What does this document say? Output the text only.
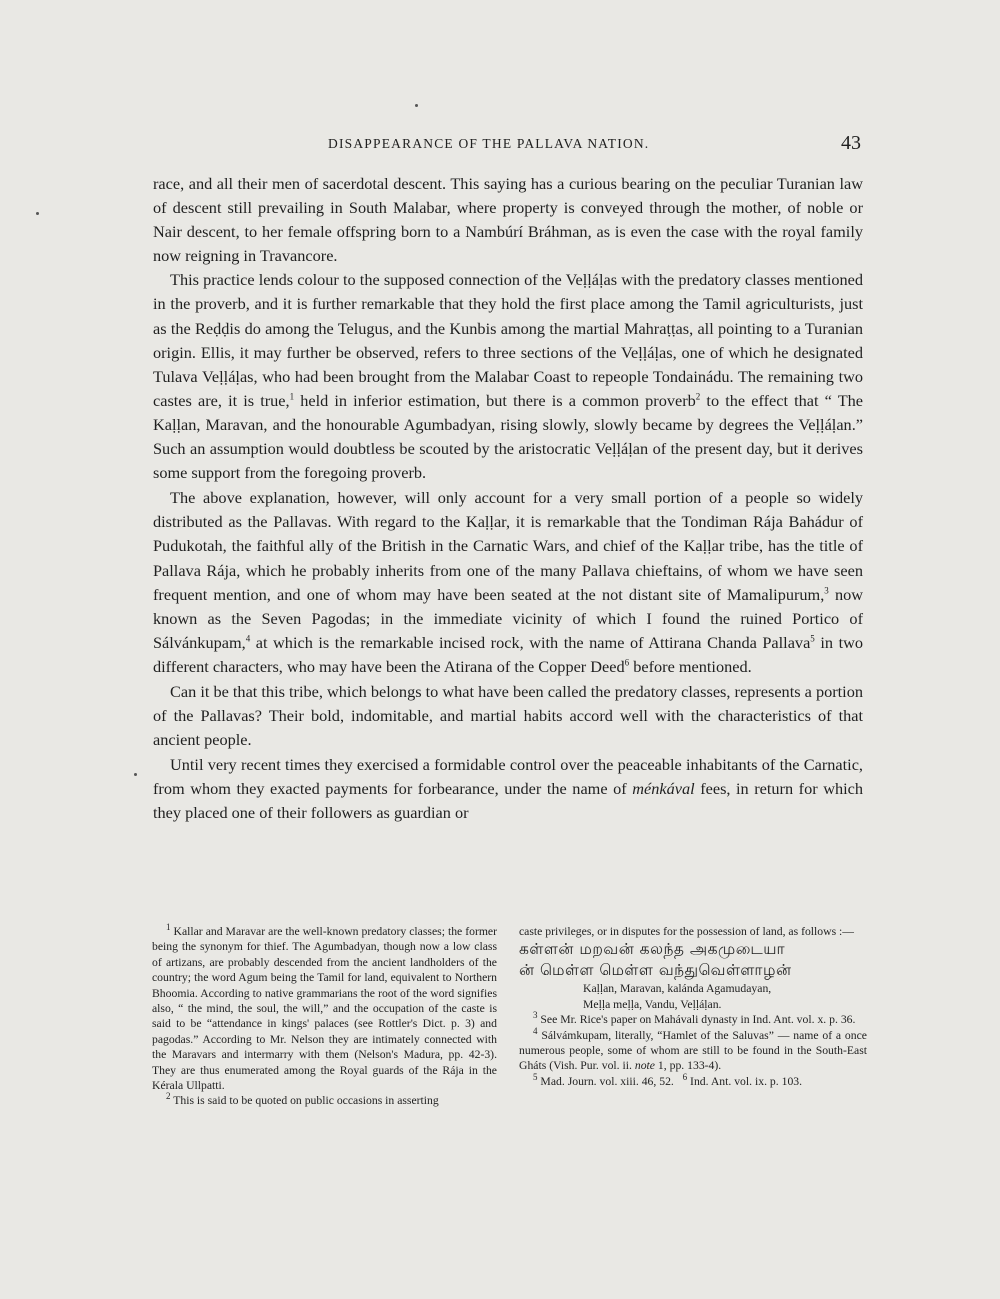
DISAPPEARANCE OF THE PALLAVA NATION.	43

race, and all their men of sacerdotal descent. This saying has a curious bearing on the peculiar Turanian law of descent still prevailing in South Malabar, where property is conveyed through the mother, of noble or Nair descent, to her female offspring born to a Nambúrí Bráhman, as is even the case with the royal family now reigning in Travancore.

This practice lends colour to the supposed connection of the Veḷḷáḷas with the predatory classes mentioned in the proverb, and it is further remarkable that they hold the first place among the Tamil agriculturists, just as the Reḍḍis do among the Telugus, and the Kunbis among the martial Mahraṭṭas, all pointing to a Turanian origin. Ellis, it may further be observed, refers to three sections of the Veḷḷáḷas, one of which he designated Tulava Veḷḷáḷas, who had been brought from the Malabar Coast to repeople Tondainádu. The remaining two castes are, it is true,$^1$ held in inferior estimation, but there is a common proverb$^2$ to the effect that “ The Kaḷḷan, Maravan, and the honourable Agumbadyan, rising slowly, slowly became by degrees the Veḷḷáḷan.” Such an assumption would doubtless be scouted by the aristocratic Veḷḷáḷan of the present day, but it derives some support from the foregoing proverb.

The above explanation, however, will only account for a very small portion of a people so widely distributed as the Pallavas. With regard to the Kaḷḷar, it is remarkable that the Tondiman Rája Bahádur of Pudukotah, the faithful ally of the British in the Carnatic Wars, and chief of the Kaḷḷar tribe, has the title of Pallava Rája, which he probably inherits from one of the many Pallava chieftains, of whom we have seen frequent mention, and one of whom may have been seated at the not distant site of Mamalipurum,$^3$ now known as the Seven Pagodas; in the immediate vicinity of which I found the ruined Portico of Sálvánkupam,$^4$ at which is the remarkable incised rock, with the name of Attirana Chanda Pallava$^5$ in two different characters, who may have been the Atirana of the Copper Deed$^6$ before mentioned.

Can it be that this tribe, which belongs to what have been called the predatory classes, represents a portion of the Pallavas? Their bold, indomitable, and martial habits accord well with the characteristics of that ancient people.

Until very recent times they exercised a formidable control over the peaceable inhabitants of the Carnatic, from whom they exacted payments for forbearance, under the name of ménkával fees, in return for which they placed one of their followers as guardian or

$^1$ Kallar and Maravar are the well-known predatory classes; the former being the synonym for thief. The Agumbadyan, though now a low class of artizans, are probably descended from the ancient landholders of the country; the word Agum being the Tamil for land, equivalent to Northern Bhoomia. According to native grammarians the root of the word signifies also, “ the mind, the soul, the will,” and the occupation of the caste is said to be “attendance in kings' palaces (see Rottler's Dict. p. 3) and pagodas.” According to Mr. Nelson they are intimately connected with the Maravars and intermarry with them (Nelson's Madura, pp. 42-3). They are thus enumerated among the Royal guards of the Rája in the Kérala Ullpatti.

$^2$ This is said to be quoted on public occasions in asserting

caste privileges, or in disputes for the possession of land, as follows :—

கள்ளன் மறவன் கலந்த அகமுடையா

ன் மெள்ள மெள்ள வந்துவெள்ளாழன்

Kaḷḷan, Maravan, kalánda Agamudayan,

Meḷḷa meḷḷa, Vandu, Veḷḷáḷan.

$^3$ See Mr. Rice's paper on Mahávali dynasty in Ind. Ant. vol. x. p. 36.

$^4$ Sálvámkupam, literally, “Hamlet of the Saluvas” — name of a once numerous people, some of whom are still to be found in the South-East Gháts (Vish. Pur. vol. ii. note 1, pp. 133-4).

$^5$ Mad. Journ. vol. xiii. 46, 52. $^6$ Ind. Ant. vol. ix. p. 103.
